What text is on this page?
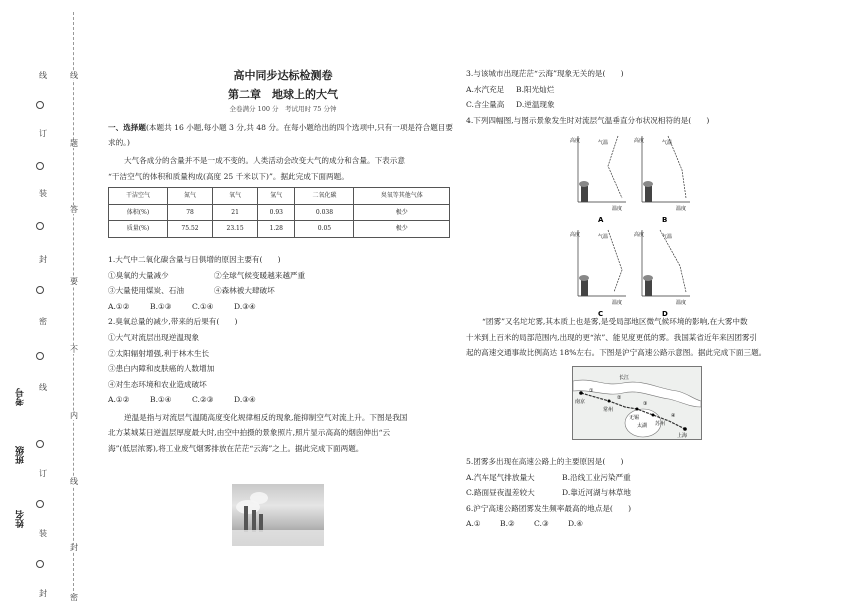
线
订
装
封
密
线
订
装
封
考号
班级
姓名
线
题
答
要
不
内
线
封
密
高中同步达标检测卷
第二章　地球上的大气
全卷满分 100 分　考试用时 75 分钟

一、选择题(本题共 16 小题,每小题 3 分,共 48 分。在每小题给出的四个选项中,只有一项是符合题目要求的。)

大气各成分的含量并不是一成不变的。人类活动会改变大气的成分和含量。下表示意

“干洁空气的体积和质量构成(高度 25 千米以下)”。据此完成下面两题。

干洁空气	氮气	氧气	氩气	二氧化碳	臭氧等其他气体
体积(%)	78	21	0.93	0.038	极少
质量(%)	75.52	23.15	1.28	0.05	极少

1.大气中二氧化碳含量与日俱增的原因主要有(　　)

①臭氧的大量减少	②全球气候变暖越来越严重

③大量使用煤炭、石油	④森林被大肆破坏

A.①②	B.①③	C.①④	D.③④

2.臭氧总量的减少,带来的后果有(　　)

①大气对流层出现逆温现象

②太阳辐射增强,利于林木生长

③患白内障和皮肤癌的人数增加

④对生态环境和农业造成破坏

A.①②	B.①④	C.②③	D.③④

逆温是指与对流层气温随高度变化规律相反的现象,能抑制空气对流上升。下图是我国

北方某城某日逆温层厚度最大时,由空中拍摄的景象照片,照片显示高高的烟囱伸出“云

海”(低层浓雾),将工业废气烟雾排放在茫茫“云海”之上。据此完成下面两题。

3.与该城市出现茫茫“云海”现象无关的是(　　)

A.水汽充足 B.阳光灿烂

C.含尘量高 D.逆温现象

4.下列四幅图,与图示景象发生时对流层气温垂直分布状况相符的是(　　)

高度
温度
气温
A
高度
温度
气温
B
高度
温度
气温
C
高度
温度
气温
D

“团雾”又名坨坨雾,其本质上也是雾,是受局部地区微气候环境的影响,在大雾中数

十米到上百米的局部范围内,出现的更“浓”、能见度更低的雾。我国某省近年来因团雾引

起的高速交通事故比例高达 18%左右。下图是沪宁高速公路示意图。据此完成下面三题。

南京
常州
无锡
苏州
上海
太湖
长江
①
②
③
④

5.团雾多出现在高速公路上的主要原因是(　　)

A.汽车尾气排放量大	B.沿线工业污染严重

C.路面昼夜温差较大	D.靠近河湖与林草地

6.沪宁高速公路团雾发生频率最高的地点是(　　)

A.①	B.②	C.③	D.④
